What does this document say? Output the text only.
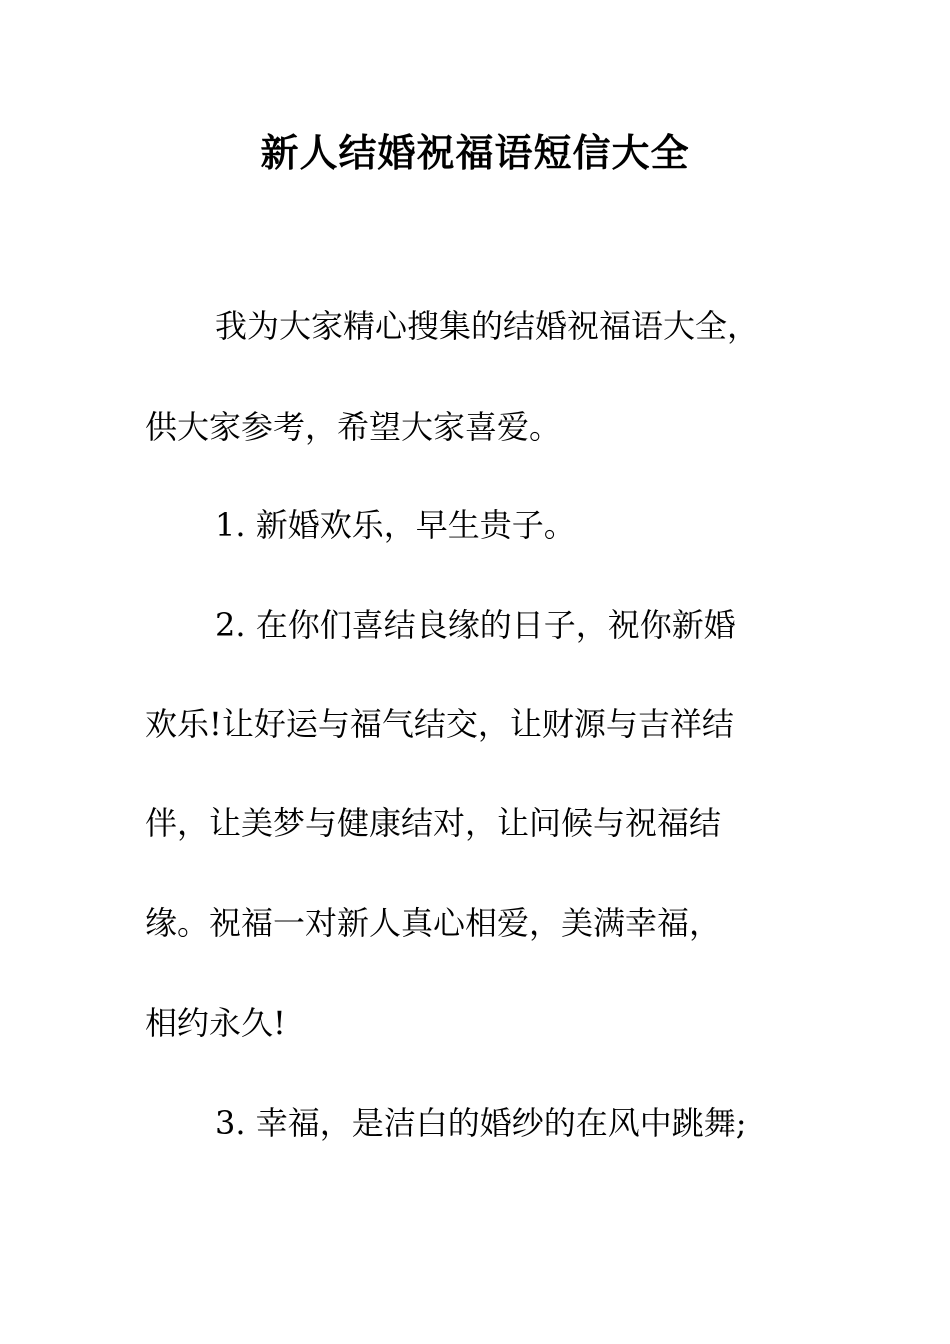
新人结婚祝福语短信大全
我为大家精心搜集的结婚祝福语大全，
供大家参考，希望大家喜爱。
1. 新婚欢乐，早生贵子。
2. 在你们喜结良缘的日子，祝你新婚
欢乐!让好运与福气结交，让财源与吉祥结
伴，让美梦与健康结对，让问候与祝福结
缘。祝福一对新人真心相爱，美满幸福，
相约永久!
3. 幸福，是洁白的婚纱的在风中跳舞;
